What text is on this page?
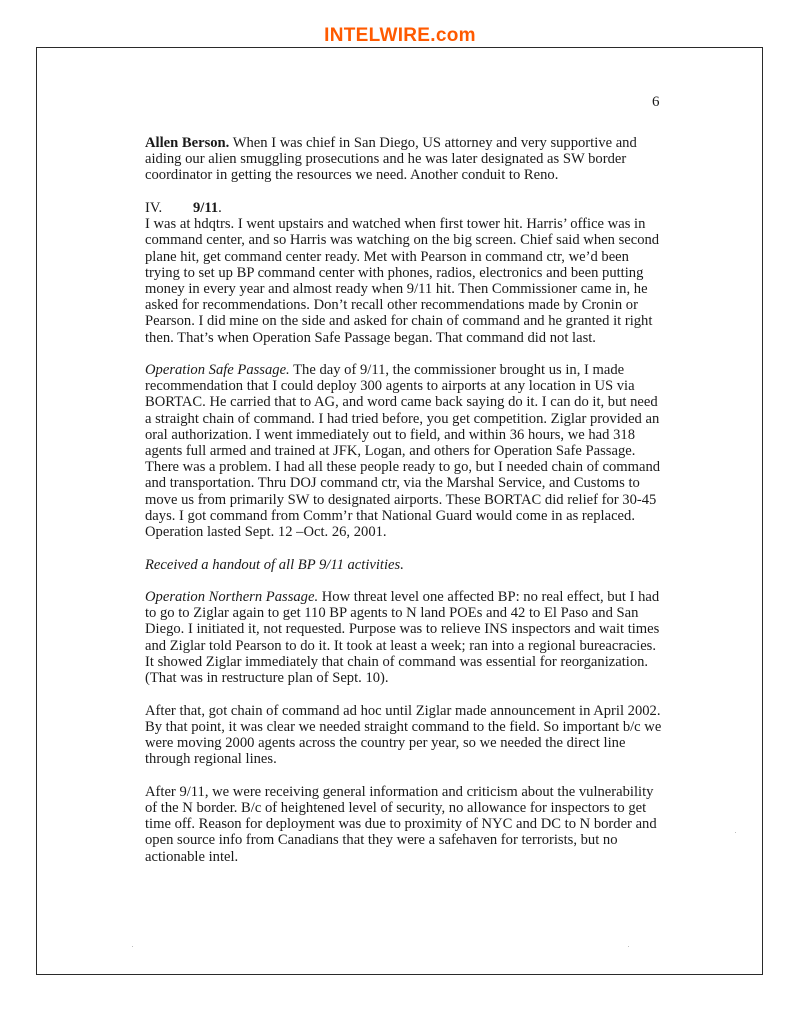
INTELWIRE.com
6

Allen Berson. When I was chief in San Diego, US attorney and very supportive and aiding our alien smuggling prosecutions and he was later designated as SW border coordinator in getting the resources we need. Another conduit to Reno.

IV. 9/11.

I was at hdqtrs. I went upstairs and watched when first tower hit. Harris’ office was in command center, and so Harris was watching on the big screen. Chief said when second plane hit, get command center ready. Met with Pearson in command ctr, we’d been trying to set up BP command center with phones, radios, electronics and been putting money in every year and almost ready when 9/11 hit. Then Commissioner came in, he asked for recommendations. Don’t recall other recommendations made by Cronin or Pearson. I did mine on the side and asked for chain of command and he granted it right then. That’s when Operation Safe Passage began. That command did not last.

Operation Safe Passage. The day of 9/11, the commissioner brought us in, I made recommendation that I could deploy 300 agents to airports at any location in US via BORTAC. He carried that to AG, and word came back saying do it. I can do it, but need a straight chain of command. I had tried before, you get competition. Ziglar provided an oral authorization. I went immediately out to field, and within 36 hours, we had 318 agents full armed and trained at JFK, Logan, and others for Operation Safe Passage. There was a problem. I had all these people ready to go, but I needed chain of command and transportation. Thru DOJ command ctr, via the Marshal Service, and Customs to move us from primarily SW to designated airports. These BORTAC did relief for 30-45 days. I got command from Comm’r that National Guard would come in as replaced. Operation lasted Sept. 12 –Oct. 26, 2001.

Received a handout of all BP 9/11 activities.

Operation Northern Passage. How threat level one affected BP: no real effect, but I had to go to Ziglar again to get 110 BP agents to N land POEs and 42 to El Paso and San Diego. I initiated it, not requested. Purpose was to relieve INS inspectors and wait times and Ziglar told Pearson to do it. It took at least a week; ran into a regional bureacracies. It showed Ziglar immediately that chain of command was essential for reorganization. (That was in restructure plan of Sept. 10).

After that, got chain of command ad hoc until Ziglar made announcement in April 2002. By that point, it was clear we needed straight command to the field. So important b/c we were moving 2000 agents across the country per year, so we needed the direct line through regional lines.

After 9/11, we were receiving general information and criticism about the vulnerability of the N border. B/c of heightened level of security, no allowance for inspectors to get time off. Reason for deployment was due to proximity of NYC and DC to N border and open source info from Canadians that they were a safehaven for terrorists, but no actionable intel.
